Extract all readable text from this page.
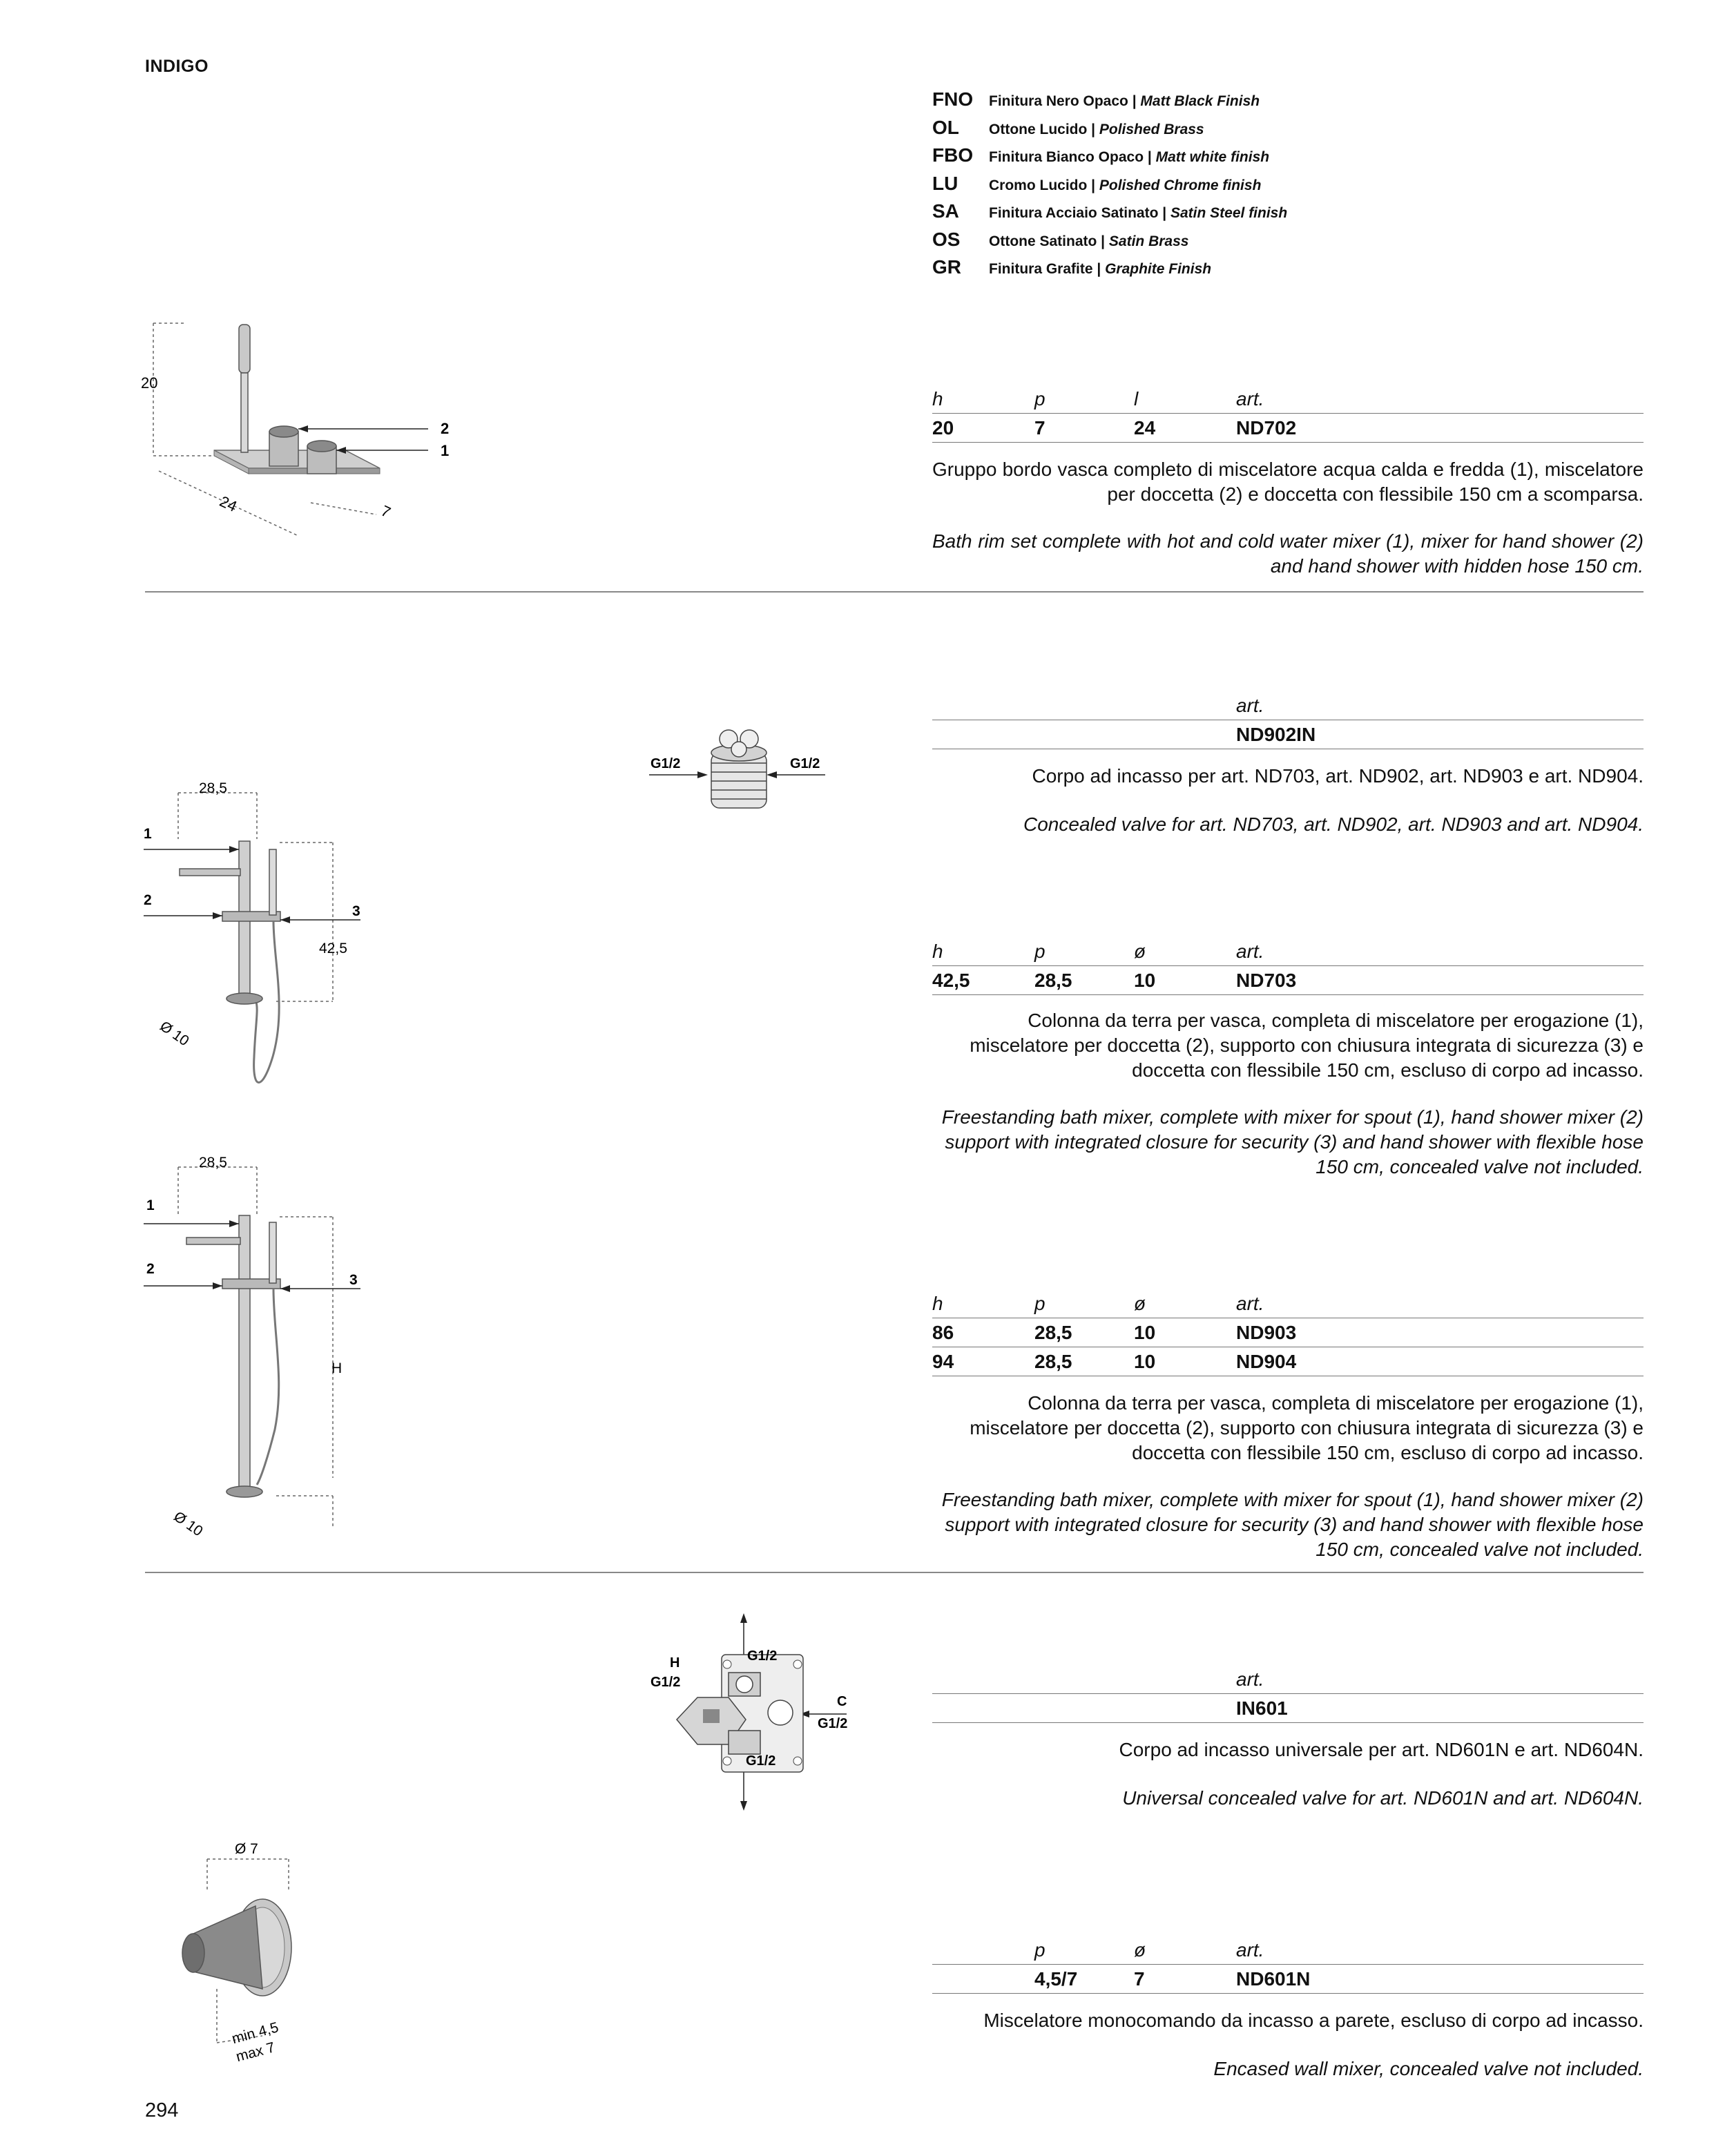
INDIGO
FNO	Finitura Nero Opaco | Matt Black Finish
OL	Ottone Lucido | Polished Brass
FBO	Finitura Bianco Opaco | Matt white finish
LU	Cromo Lucido | Polished Chrome finish
SA	Finitura Acciaio Satinato | Satin Steel finish
OS	Ottone Satinato | Satin Brass
GR	Finitura Grafite | Graphite Finish
20
24	7
2
1
h	p	l	art.
20	7	24	ND702
Gruppo bordo vasca completo di miscelatore acqua calda e fredda (1), miscelatore per doccetta (2) e doccetta con flessibile 150 cm a scomparsa.
Bath rim set complete with hot and cold water mixer (1), mixer for hand shower (2) and hand shower with hidden hose 150 cm.
G1/2	G1/2
art.
ND902IN
Corpo ad incasso per art. ND703, art. ND902, art. ND903 e art. ND904.
Concealed valve for art. ND703, art. ND902, art. ND903 and art. ND904.
28,5
42,5
Ø 10
1
2
3
h	p	ø	art.
42,5	28,5	10	ND703
Colonna da terra per vasca, completa di miscelatore per erogazione (1), miscelatore per doccetta (2), supporto con chiusura integrata di sicurezza (3) e doccetta con flessibile 150 cm, escluso di corpo ad incasso.
Freestanding bath mixer, complete with mixer for spout (1), hand shower mixer (2) support with integrated closure for security (3) and hand shower with flexible hose 150 cm, concealed valve not included.
28,5
H
Ø 10
1
2
3
h	p	ø	art.
86	28,5	10	ND903
94	28,5	10	ND904
Colonna da terra per vasca, completa di miscelatore per erogazione (1), miscelatore per doccetta (2), supporto con chiusura integrata di sicurezza (3) e doccetta con flessibile 150 cm, escluso di corpo ad incasso.
Freestanding bath mixer, complete with mixer for spout (1), hand shower mixer (2) support with integrated closure for security (3) and hand shower with flexible hose 150 cm, concealed valve not included.
H
G1/2
G1/2
C
G1/2
G1/2
art.
IN601
Corpo ad incasso universale per art. ND601N e art. ND604N.
Universal concealed valve for art. ND601N and art. ND604N.
Ø 7
min 4,5
max 7
p	ø	art.
4,5/7	7	ND601N
Miscelatore monocomando da incasso a parete, escluso di corpo ad incasso.
Encased wall mixer, concealed valve not included.
294
